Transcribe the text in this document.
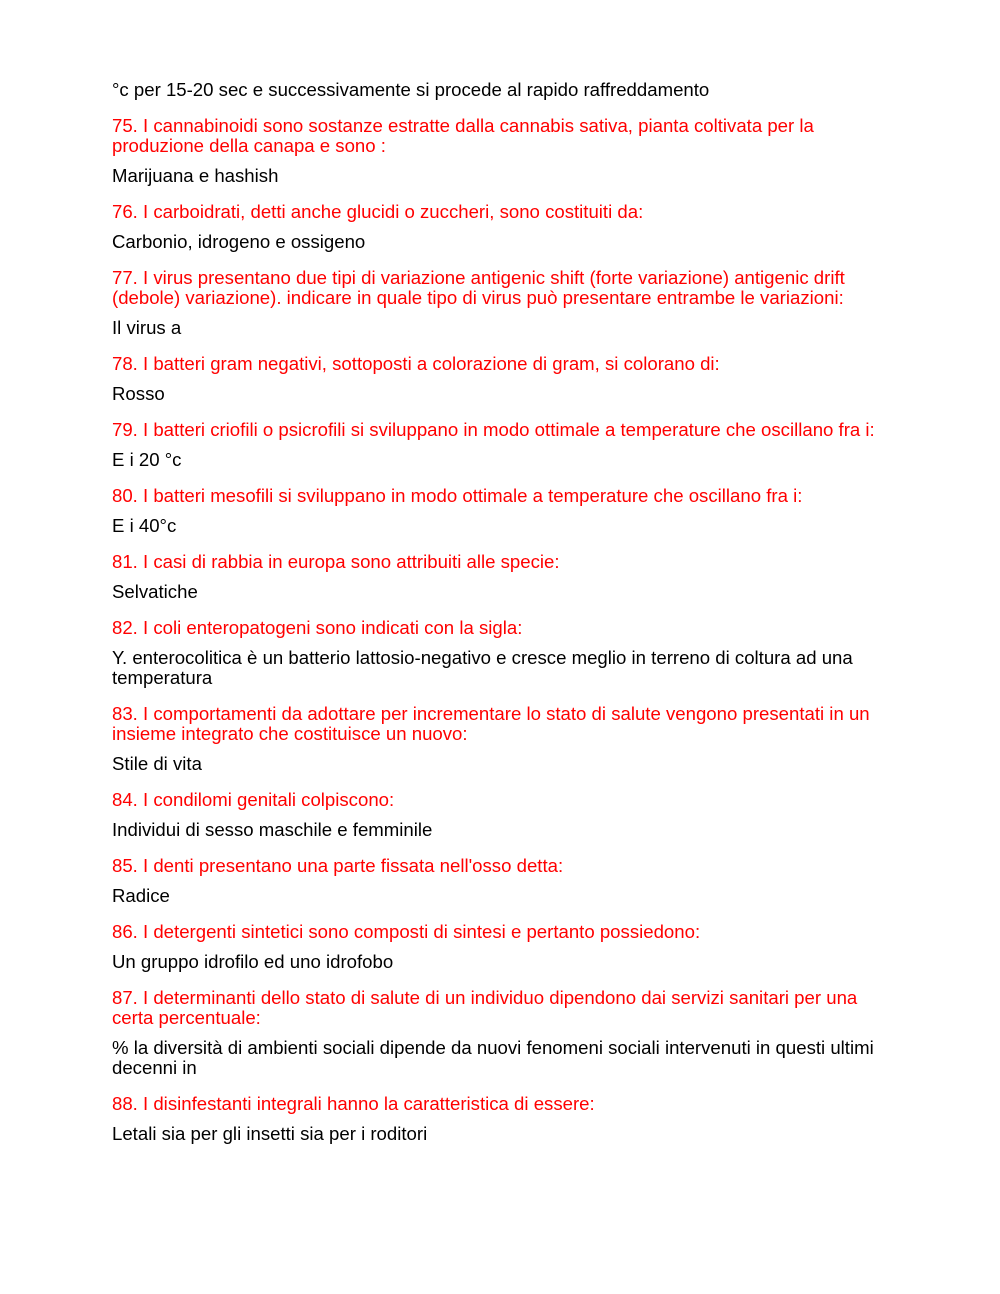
°c per 15-20 sec e successivamente si procede al rapido raffreddamento

75. I cannabinoidi sono sostanze estratte dalla cannabis sativa, pianta coltivata per la produzione della canapa e sono :

Marijuana e hashish

76. I carboidrati, detti anche glucidi o zuccheri, sono costituiti da:

Carbonio, idrogeno e ossigeno

77. I virus presentano due tipi di variazione antigenic shift (forte variazione) antigenic drift (debole) variazione). indicare in quale tipo di virus può presentare entrambe le variazioni:

Il virus a

78. I batteri gram negativi, sottoposti a colorazione di gram, si colorano di:

Rosso

79. I batteri criofili o psicrofili si sviluppano in modo ottimale a temperature che oscillano fra i:

E i 20 °c

80. I batteri mesofili si sviluppano in modo ottimale a temperature che oscillano fra i:

E i 40°c

81. I casi di rabbia in europa sono attribuiti alle specie:

Selvatiche

82. I coli enteropatogeni sono indicati con la sigla:

Y. enterocolitica è un batterio lattosio-negativo e cresce meglio in terreno di coltura ad una temperatura

83. I comportamenti da adottare per incrementare lo stato di salute vengono presentati in un insieme integrato che costituisce un nuovo:

Stile di vita

84. I condilomi genitali colpiscono:

Individui di sesso maschile e femminile

85. I denti presentano una parte fissata nell'osso detta:

Radice

86. I detergenti sintetici sono composti di sintesi e pertanto possiedono:

Un gruppo idrofilo ed uno idrofobo

87. I determinanti dello stato di salute di un individuo dipendono dai servizi sanitari per una certa percentuale:

% la diversità di ambienti sociali dipende da nuovi fenomeni sociali intervenuti in questi ultimi decenni in

88. I disinfestanti integrali hanno la caratteristica di essere:

Letali sia per gli insetti sia per i roditori
